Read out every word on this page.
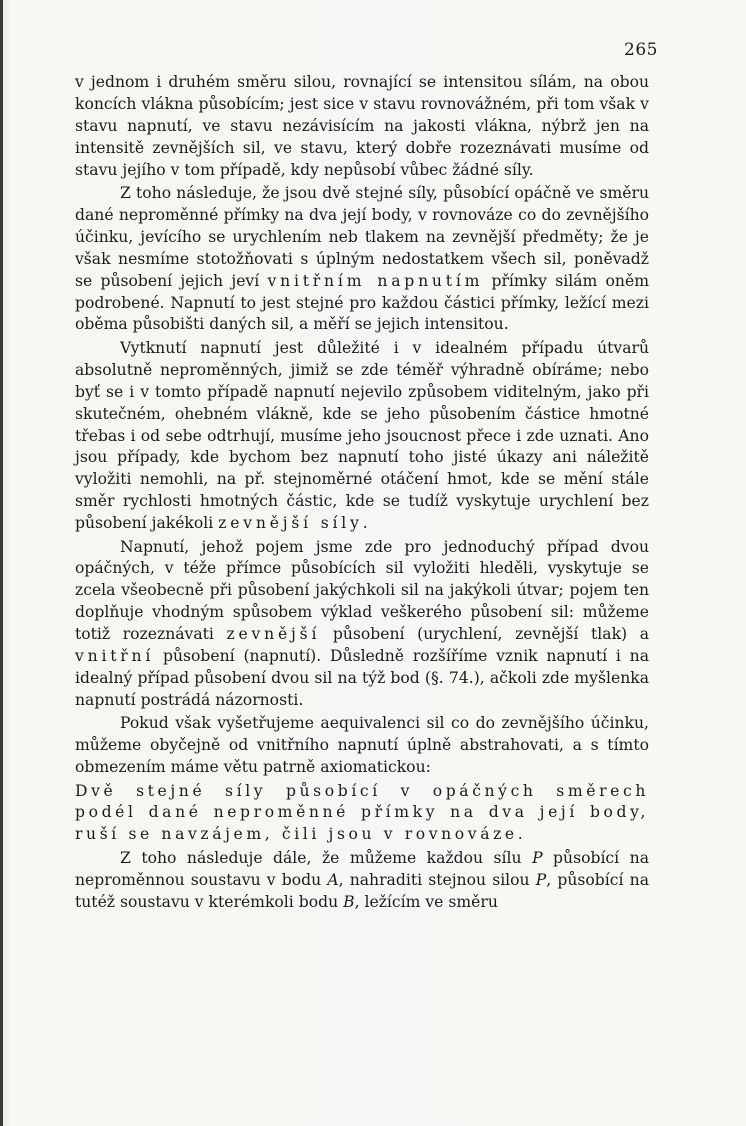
265

v jednom i druhém směru silou, rovnající se intensitou sílám, na obou koncích vlákna působícím; jest sice v stavu rovnovážném, při tom však v stavu napnutí, ve stavu nezávisícím na jakosti vlákna, nýbrž jen na intensitě zevnějších sil, ve stavu, který dobře rozeznávati musíme od stavu jejího v tom případě, kdy nepůsobí vůbec žádné síly.

Z toho následuje, že jsou dvě stejné síly, působící opáčně ve směru dané neproměnné přímky na dva její body, v rovnováze co do zevnějšího účinku, jevícího se urychlením neb tlakem na zevnější předměty; že je však nesmíme stotožňovati s úplným nedostatkem všech sil, poněvadž se působení jejich jeví vnitřním napnutím přímky silám oněm podrobené. Napnutí to jest stejné pro každou částici přímky, ležící mezi oběma působišti daných sil, a měří se jejich intensitou.

Vytknutí napnutí jest důležité i v idealném případu útvarů absolutně neproměnných, jimiž se zde téměř výhradně obíráme; nebo byť se i v tomto případě napnutí nejevilo způsobem viditelným, jako při skutečném, ohebném vlákně, kde se jeho působením částice hmotné třebas i od sebe odtrhují, musíme jeho jsoucnost přece i zde uznati. Ano jsou případy, kde bychom bez napnutí toho jisté úkazy ani náležitě vyložiti nemohli, na př. stejnoměrné otáčení hmot, kde se mění stále směr rychlosti hmotných částic, kde se tudíž vyskytuje urychlení bez působení jakékoli zevnější síly.

Napnutí, jehož pojem jsme zde pro jednoduchý případ dvou opáčných, v téže přímce působících sil vyložiti hleděli, vyskytuje se zcela všeobecně při působení jakýchkoli sil na jakýkoli útvar; pojem ten doplňuje vhodným spůsobem výklad veškerého působení sil: můžeme totiž rozeznávati zevnější působení (urychlení, zevnější tlak) a vnitřní působení (napnutí). Důsledně rozšíříme vznik napnutí i na idealný případ působení dvou sil na týž bod (§. 74.), ačkoli zde myšlenka napnutí postrádá názornosti.

Pokud však vyšetřujeme aequivalenci sil co do zevnějšího účinku, můžeme obyčejně od vnitřního napnutí úplně abstrahovati, a s tímto obmezením máme větu patrně axiomatickou:

Dvě stejné síly působící v opáčných směrech podél dané neproměnné přímky na dva její body, ruší se navzájem, čili jsou v rovnováze.

Z toho následuje dále, že můžeme každou sílu P působící na neproměnnou soustavu v bodu A, nahraditi stejnou silou P, působící na tutéž soustavu v kterémkoli bodu B, ležícím ve směru
